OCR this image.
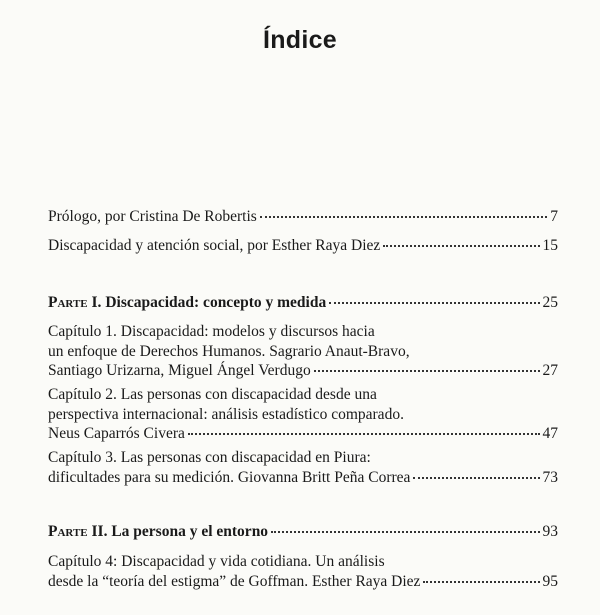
Índice
Prólogo, por Cristina De Robertis	7
Discapacidad y atención social, por Esther Raya Diez	15
Parte I. Discapacidad: concepto y medida	25
Capítulo 1. Discapacidad: modelos y discursos hacia
un enfoque de Derechos Humanos. Sagrario Anaut-Bravo,
Santiago Urizarna, Miguel Ángel Verdugo	27
Capítulo 2. Las personas con discapacidad desde una
perspectiva internacional: análisis estadístico comparado.
Neus Caparrós Civera	47
Capítulo 3. Las personas con discapacidad en Piura:
dificultades para su medición. Giovanna Britt Peña Correa	73
Parte II. La persona y el entorno	93
Capítulo 4: Discapacidad y vida cotidiana. Un análisis
desde la “teoría del estigma” de Goffman. Esther Raya Diez	95
